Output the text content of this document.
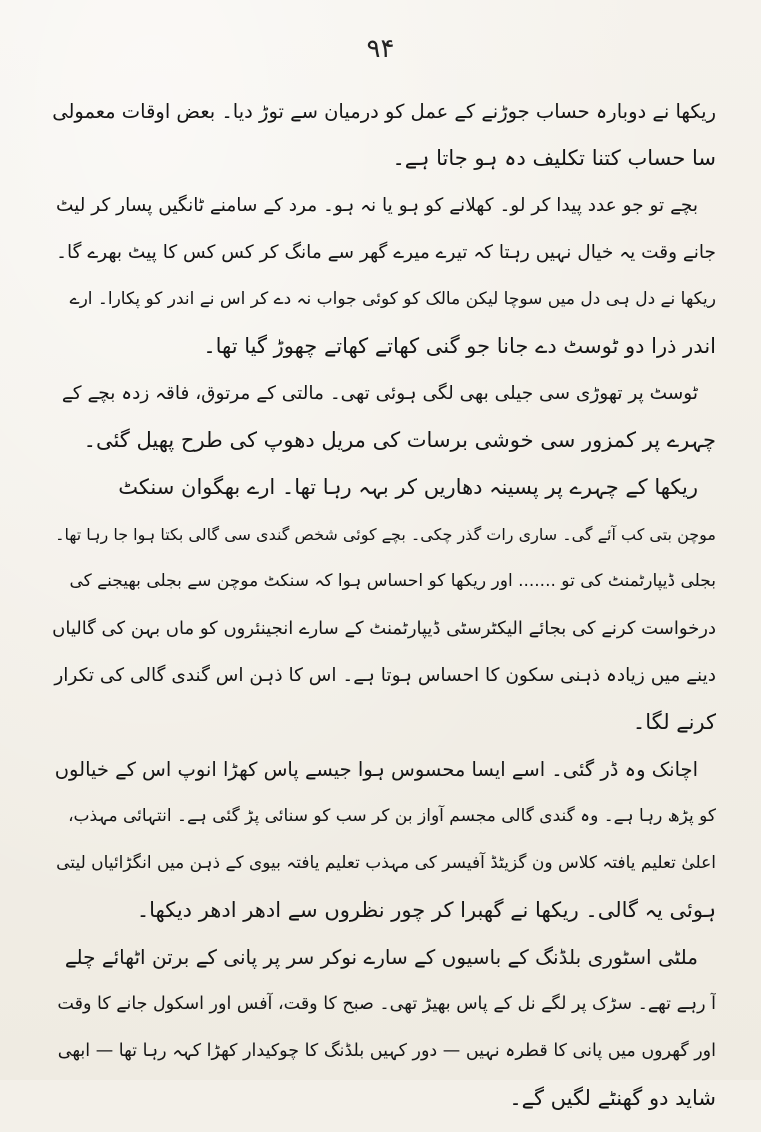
۹۴
ریکھا نے دوبارہ حساب جوڑنے کے عمل کو درمیان سے توڑ دیا۔ بعض اوقات معمولی
سا حساب کتنا تکلیف دہ ہو جاتا ہے۔
بچے تو جو عدد پیدا کر لو۔ کھلانے کو ہو یا نہ ہو۔ مرد کے سامنے ٹانگیں پسار کر لیٹ
جانے وقت یہ خیال نہیں رہتا کہ تیرے میرے گھر سے مانگ کر کس کس کا پیٹ بھرے گا۔
ریکھا نے دل ہی دل میں سوچا لیکن مالک کو کوئی جواب نہ دے کر اس نے اندر کو پکارا۔ ارے
اندر ذرا دو ٹوسٹ دے جانا جو گنی کھاتے کھاتے چھوڑ گیا تھا۔
ٹوسٹ پر تھوڑی سی جیلی بھی لگی ہوئی تھی۔ مالتی کے مرتوق، فاقہ زدہ بچے کے
چہرے پر کمزور سی خوشی برسات کی مریل دھوپ کی طرح پھیل گئی۔
ریکھا کے چہرے پر پسینہ دھاریں کر بہہ رہا تھا۔ ارے بھگوان سنکٹ
موچن بتی کب آئے گی۔ ساری رات گذر چکی۔ بچے کوئی شخص گندی سی گالی بکتا ہوا جا رہا تھا۔
بجلی ڈیپارٹمنٹ کی تو ....... اور ریکھا کو احساس ہوا کہ سنکٹ موچن سے بجلی بھیجنے کی
درخواست کرنے کی بجائے الیکٹرسٹی ڈیپارٹمنٹ کے سارے انجینئروں کو ماں بہن کی گالیاں
دینے میں زیادہ ذہنی سکون کا احساس ہوتا ہے۔ اس کا ذہن اس گندی گالی کی تکرار
کرنے لگا۔
اچانک وہ ڈر گئی۔ اسے ایسا محسوس ہوا جیسے پاس کھڑا انوپ اس کے خیالوں
کو پڑھ رہا ہے۔ وہ گندی گالی مجسم آواز بن کر سب کو سنائی پڑ گئی ہے۔ انتہائی مہذب،
اعلیٰ تعلیم یافتہ کلاس ون گزیٹڈ آفیسر کی مہذب تعلیم یافتہ بیوی کے ذہن میں انگڑائیاں لیتی
ہوئی یہ گالی۔ ریکھا نے گھبرا کر چور نظروں سے ادھر ادھر دیکھا۔
ملٹی اسٹوری بلڈنگ کے باسیوں کے سارے نوکر سر پر پانی کے برتن اٹھائے چلے
آ رہے تھے۔ سڑک پر لگے نل کے پاس بھیڑ تھی۔ صبح کا وقت، آفس اور اسکول جانے کا وقت
اور گھروں میں پانی کا قطرہ نہیں — دور کہیں بلڈنگ کا چوکیدار کھڑا کہہ رہا تھا — ابھی
شاید دو گھنٹے لگیں گے۔
